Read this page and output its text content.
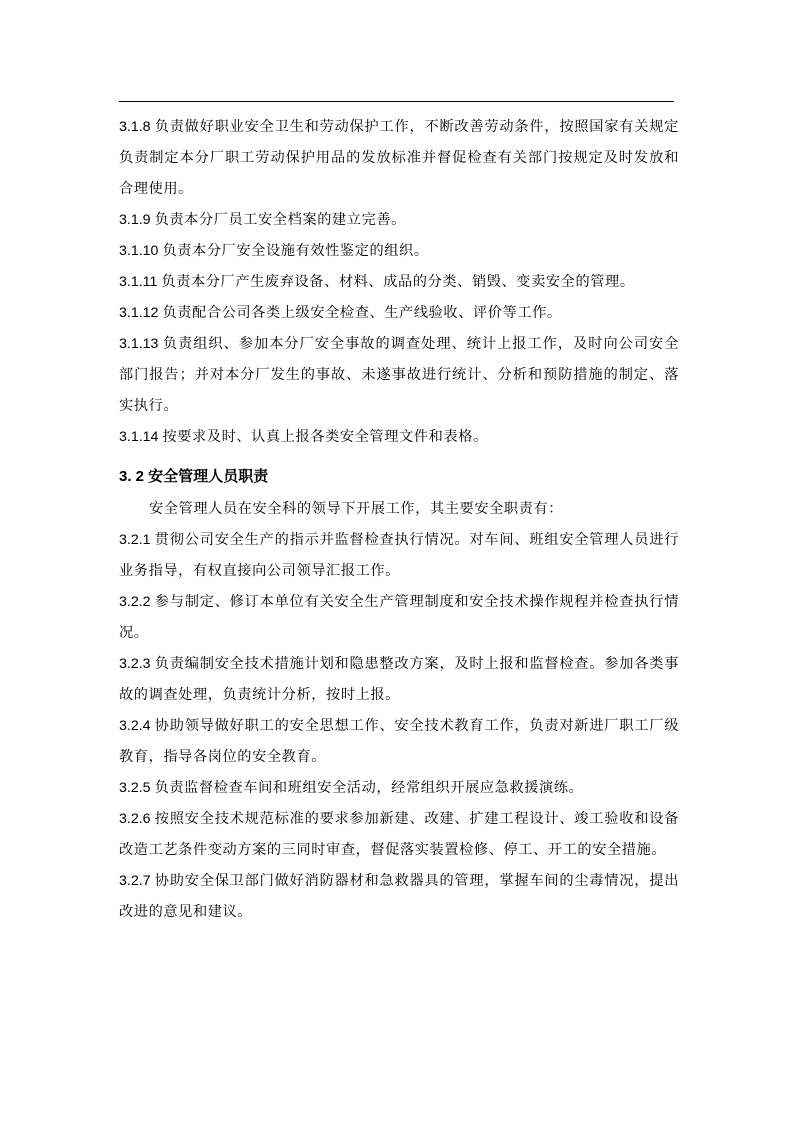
3.1.8 负责做好职业安全卫生和劳动保护工作，不断改善劳动条件，按照国家有关规定负责制定本分厂职工劳动保护用品的发放标准并督促检查有关部门按规定及时发放和合理使用。

3.1.9 负责本分厂员工安全档案的建立完善。

3.1.10 负责本分厂安全设施有效性鉴定的组织。

3.1.11 负责本分厂产生废弃设备、材料、成品的分类、销毁、变卖安全的管理。

3.1.12 负责配合公司各类上级安全检查、生产线验收、评价等工作。

3.1.13 负责组织、参加本分厂安全事故的调查处理、统计上报工作，及时向公司安全部门报告；并对本分厂发生的事故、未遂事故进行统计、分析和预防措施的制定、落实执行。

3.1.14 按要求及时、认真上报各类安全管理文件和表格。

3. 2 安全管理人员职责

安全管理人员在安全科的领导下开展工作，其主要安全职责有：

3.2.1 贯彻公司安全生产的指示并监督检查执行情况。对车间、班组安全管理人员进行业务指导，有权直接向公司领导汇报工作。

3.2.2 参与制定、修订本单位有关安全生产管理制度和安全技术操作规程并检查执行情况。

3.2.3 负责编制安全技术措施计划和隐患整改方案，及时上报和监督检查。参加各类事故的调查处理，负责统计分析，按时上报。

3.2.4 协助领导做好职工的安全思想工作、安全技术教育工作，负责对新进厂职工厂级教育，指导各岗位的安全教育。

3.2.5 负责监督检查车间和班组安全活动，经常组织开展应急救援演练。

3.2.6 按照安全技术规范标准的要求参加新建、改建、扩建工程设计、竣工验收和设备改造工艺条件变动方案的三同时审查，督促落实装置检修、停工、开工的安全措施。

3.2.7 协助安全保卫部门做好消防器材和急救器具的管理，掌握车间的尘毒情况，提出改进的意见和建议。
